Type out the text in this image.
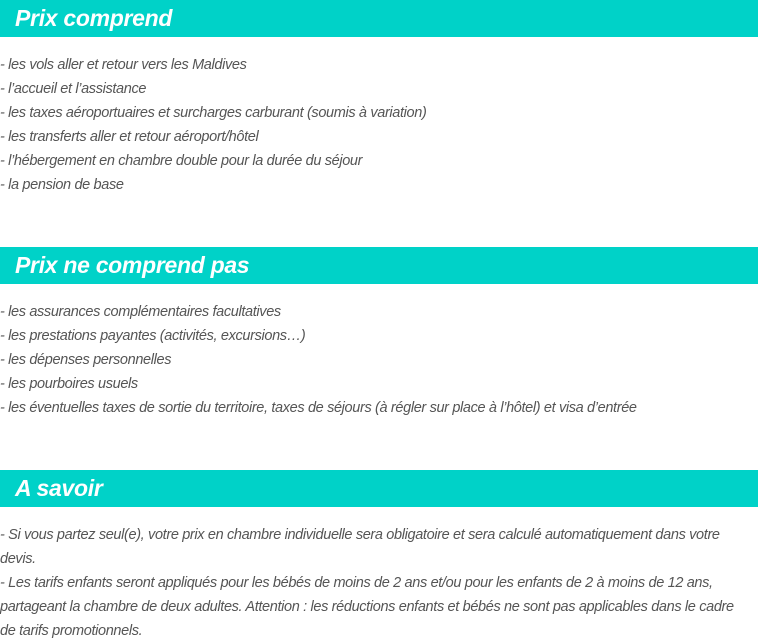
Prix comprend

- les vols aller et retour vers les Maldives

- l’accueil et l’assistance

- les taxes aéroportuaires et surcharges carburant (soumis à variation)

- les transferts aller et retour aéroport/hôtel

- l’hébergement en chambre double pour la durée du séjour

- la pension de base

Prix ne comprend pas

- les assurances complémentaires facultatives

- les prestations payantes (activités, excursions…)

- les dépenses personnelles

- les pourboires usuels

- les éventuelles taxes de sortie du territoire, taxes de séjours (à régler sur place à l’hôtel) et visa d’entrée

A savoir

- Si vous partez seul(e), votre prix en chambre individuelle sera obligatoire et sera calculé automatiquement dans votre devis.

- Les tarifs enfants seront appliqués pour les bébés de moins de 2 ans et/ou pour les enfants de 2 à moins de 12 ans, partageant la chambre de deux adultes. Attention : les réductions enfants et bébés ne sont pas applicables dans le cadre de tarifs promotionnels.
